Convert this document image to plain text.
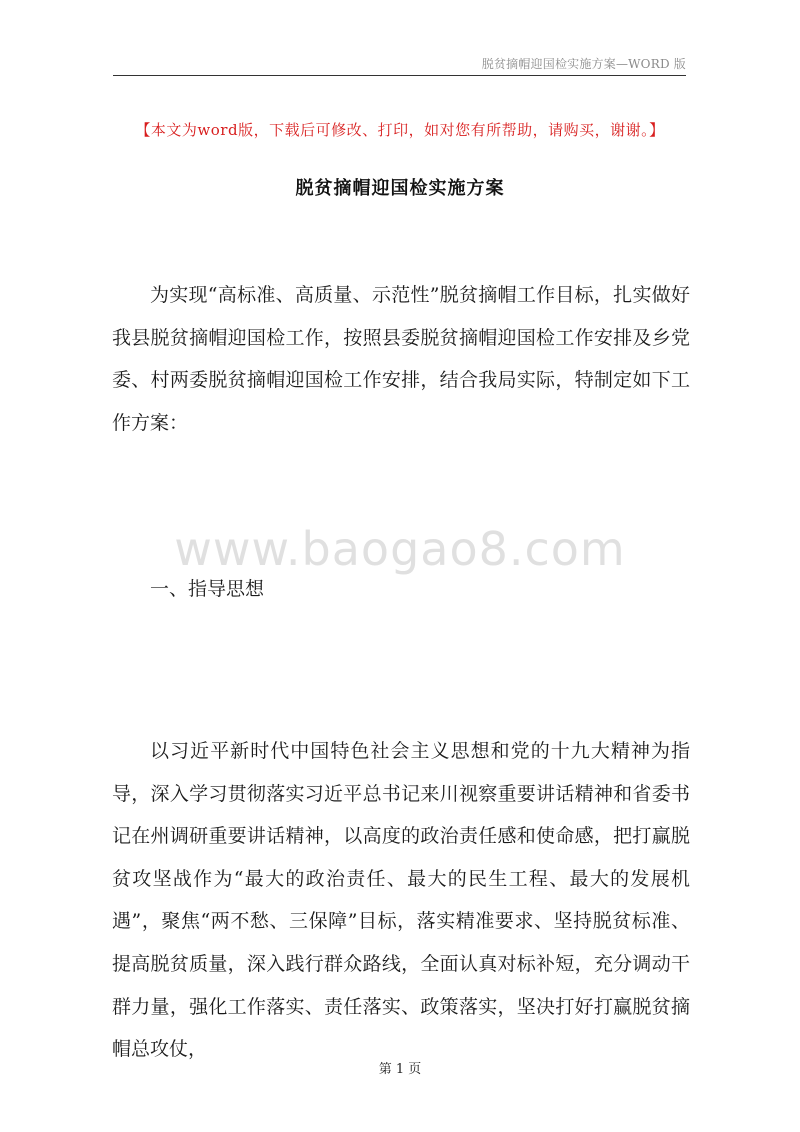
脱贫摘帽迎国检实施方案—WORD 版
【本文为word版，下载后可修改、打印，如对您有所帮助，请购买，谢谢。】
脱贫摘帽迎国检实施方案
为实现“高标准、高质量、示范性”脱贫摘帽工作目标，扎实做好我县脱贫摘帽迎国检工作，按照县委脱贫摘帽迎国检工作安排及乡党委、村两委脱贫摘帽迎国检工作安排，结合我局实际，特制定如下工作方案：
www.baogao8.com
一、指导思想
以习近平新时代中国特色社会主义思想和党的十九大精神为指导，深入学习贯彻落实习近平总书记来川视察重要讲话精神和省委书记在州调研重要讲话精神，以高度的政治责任感和使命感，把打赢脱贫攻坚战作为“最大的政治责任、最大的民生工程、最大的发展机遇”，聚焦“两不愁、三保障”目标，落实精准要求、坚持脱贫标准、提高脱贫质量，深入践行群众路线，全面认真对标补短，充分调动干群力量，强化工作落实、责任落实、政策落实，坚决打好打赢脱贫摘帽总攻仗，
第 1 页
